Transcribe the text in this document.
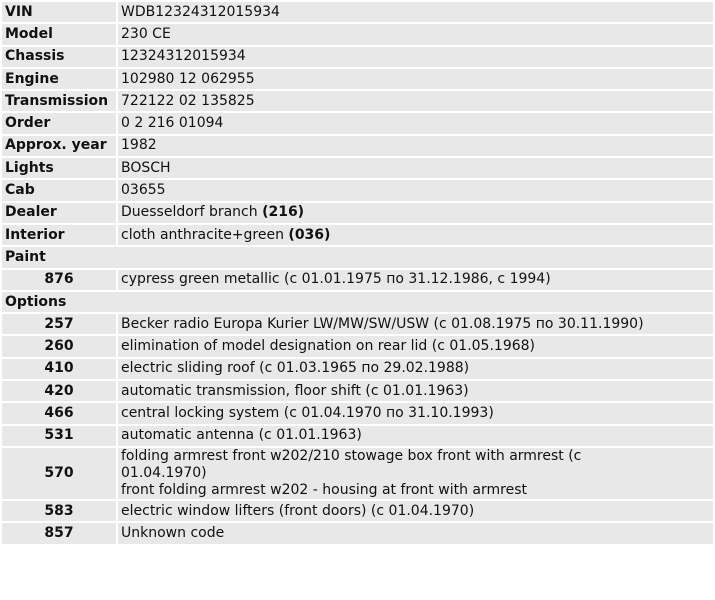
VIN	WDB12324312015934
Model	230 CE
Chassis	12324312015934
Engine	102980 12 062955
Transmission	722122 02 135825
Order	0 2 216 01094
Approx. year	1982
Lights	BOSCH
Cab	03655
Dealer	Duesseldorf branch (216)
Interior	cloth anthracite+green (036)
Paint	
876	cypress green metallic (с 01.01.1975 по 31.12.1986, с 1994)
Options	
257	Becker radio Europa Kurier LW/MW/SW/USW (с 01.08.1975 по 30.11.1990)
260	elimination of model designation on rear lid (с 01.05.1968)
410	electric sliding roof (с 01.03.1965 по 29.02.1988)
420	automatic transmission, floor shift (с 01.01.1963)
466	central locking system (с 01.04.1970 по 31.10.1993)
531	automatic antenna (с 01.01.1963)
570	folding armrest front w202/210 stowage box front with armrest (с
01.04.1970)
front folding armrest w202 - housing at front with armrest

583	electric window lifters (front doors) (с 01.04.1970)
857	Unknown code
